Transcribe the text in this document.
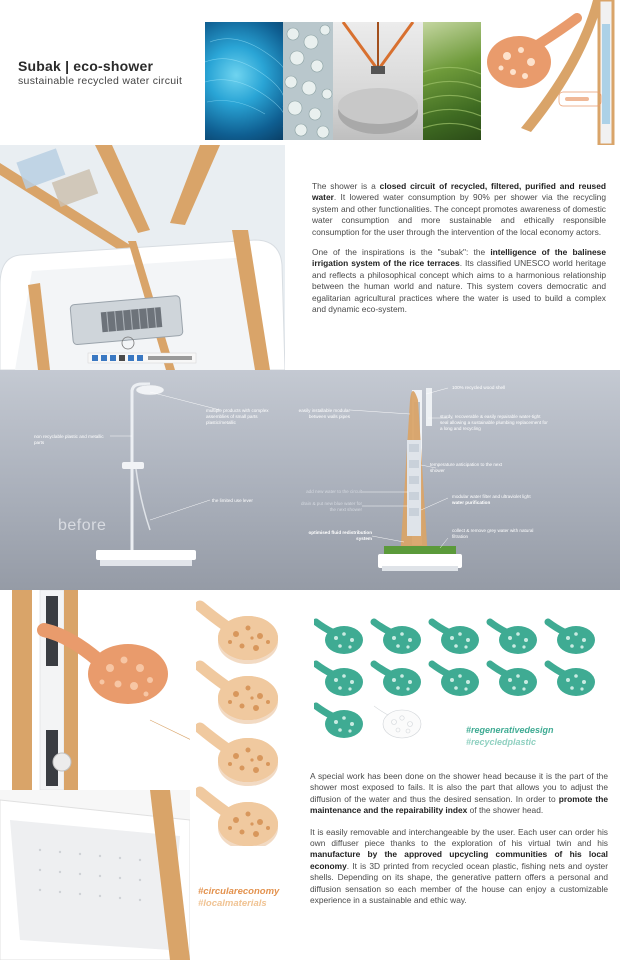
Subak | eco-shower
sustainable recycled water circuit

The shower is a closed circuit of recycled, filtered, purified and reused water. It lowered water consumption by 90% per shower via the recycling system and other functionalities. The concept promotes awareness of domestic water consumption and more sustainable and ethically responsible consumption for the user through the intervention of the local economy actors.

One of the inspirations is the "subak": the intelligence of the balinese irrigation system of the rice terraces. Its classified UNESCO world heritage and reflects a philosophical concept which aims to a harmonious relationship between the human world and nature. This system covers democratic and egalitarian agricultural practices where the water is used to build a complex and dynamic eco-system.

before
multiple products with complex assemblies of small parts plastic/metallic
non recyclable plastic and metallic parts
the limited use lever
100% recycled wood shell
easily installable modular between walls pipes	sturdy, recoverable & easily repairable water-tight seal allowing a sustainable plumbing replacement for a long and recycling
temperature anticipation to the next shower
add new water to the circuit
drain & put new blue water for the next shower
modular water filter and ultraviolet light
water purification
optimised fluid redistribution system
collect & remove grey water with natural filtration
·
#regenerativedesign
#recycledplastic
#circulareconomy
#localmaterials

A special work has been done on the shower head because it is the part of the shower most exposed to fails. It is also the part that allows you to adjust the diffusion of the water and thus the desired sensation. In order to promote the maintenance and the repairability index of the shower head.

It is easily removable and interchangeable by the user. Each user can order his own diffuser piece thanks to the exploration of his virtual twin and his manufacture by the approved upcycling communities of his local economy. It is 3D printed from recycled ocean plastic, fishing nets and oyster shells. Depending on its shape, the generative pattern offers a personal and diffusion sensation so each member of the house can enjoy a customizable experience in a sustainable and ethic way.
